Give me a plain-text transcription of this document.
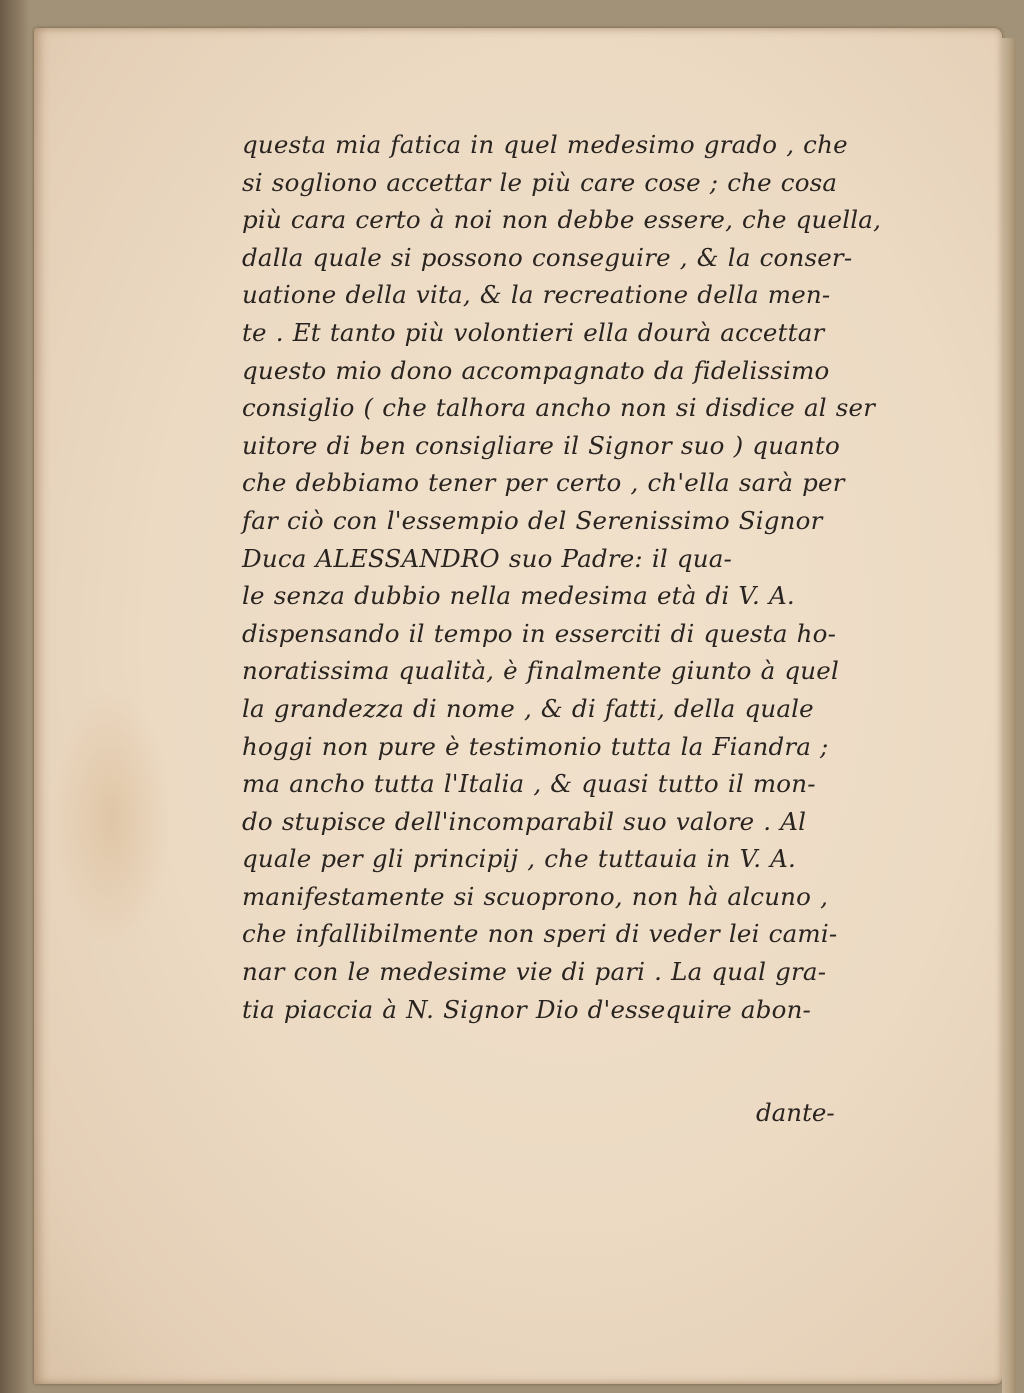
questa mia fatica in quel medesimo grado , che
si sogliono accettar le più care cose ; che cosa
più cara certo à noi non debbe essere, che quella,
dalla quale si possono conseguire , & la conser-
uatione della vita, & la recreatione della men-
te . Et tanto più volontieri ella dourà accettar
questo mio dono accompagnato da fidelissimo
consiglio ( che talhora ancho non si disdice al ser
uitore di ben consigliare il Signor suo ) quanto
che debbiamo tener per certo , ch'ella sarà per
far ciò con l'essempio del Serenissimo Signor
Duca ALESSANDRO suo Padre: il qua-
le senza dubbio nella medesima età di V. A.
dispensando il tempo in esserciti di questa ho-
noratissima qualità, è finalmente giunto à quel
la grandezza di nome , & di fatti, della quale
hoggi non pure è testimonio tutta la Fiandra ;
ma ancho tutta l'Italia , & quasi tutto il mon-
do stupisce dell'incomparabil suo valore . Al
quale per gli principij , che tuttauia in V. A.
manifestamente si scuoprono, non hà alcuno ,
che infallibilmente non speri di veder lei cami-
nar con le medesime vie di pari . La qual gra-
tia piaccia à N. Signor Dio d'essequire abon-
dante-
